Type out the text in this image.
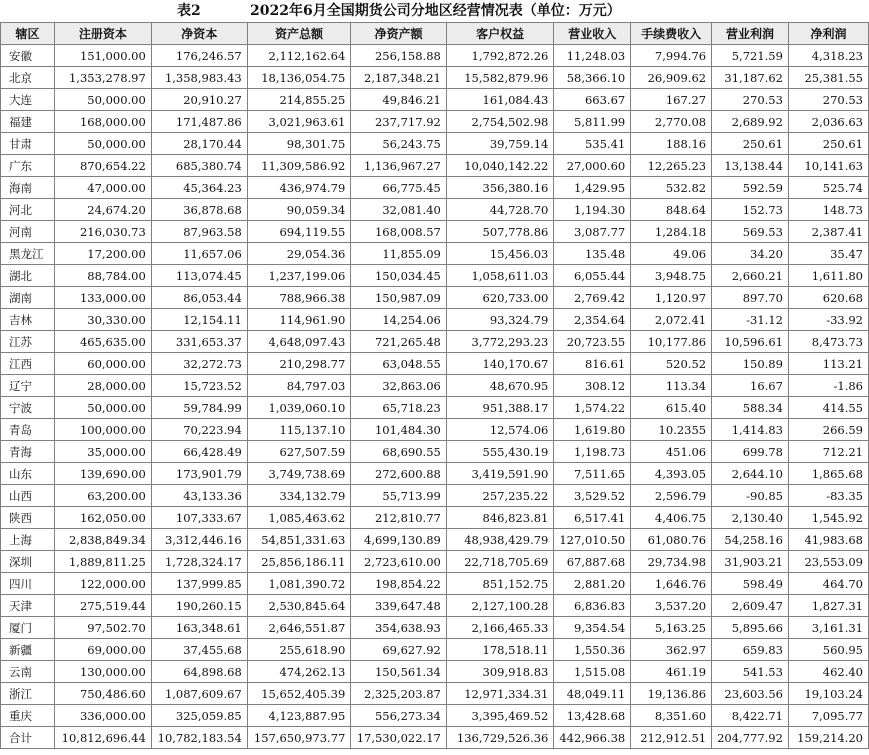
表2	2022年6月全国期货公司分地区经营情况表（单位：万元）
辖区	注册资本	净资本	资产总额	净资产额	客户权益	营业收入	手续费收入	营业利润	净利润
安徽	151,000.00	176,246.57	2,112,162.64	256,158.88	1,792,872.26	11,248.03	7,994.76	5,721.59	4,318.23
北京	1,353,278.97	1,358,983.43	18,136,054.75	2,187,348.21	15,582,879.96	58,366.10	26,909.62	31,187.62	25,381.55
大连	50,000.00	20,910.27	214,855.25	49,846.21	161,084.43	663.67	167.27	270.53	270.53
福建	168,000.00	171,487.86	3,021,963.61	237,717.92	2,754,502.98	5,811.99	2,770.08	2,689.92	2,036.63
甘肃	50,000.00	28,170.44	98,301.75	56,243.75	39,759.14	535.41	188.16	250.61	250.61
广东	870,654.22	685,380.74	11,309,586.92	1,136,967.27	10,040,142.22	27,000.60	12,265.23	13,138.44	10,141.63
海南	47,000.00	45,364.23	436,974.79	66,775.45	356,380.16	1,429.95	532.82	592.59	525.74
河北	24,674.20	36,878.68	90,059.34	32,081.40	44,728.70	1,194.30	848.64	152.73	148.73
河南	216,030.73	87,963.58	694,119.55	168,008.57	507,778.86	3,087.77	1,284.18	569.53	2,387.41
黑龙江	17,200.00	11,657.06	29,054.36	11,855.09	15,456.03	135.48	49.06	34.20	35.47
湖北	88,784.00	113,074.45	1,237,199.06	150,034.45	1,058,611.03	6,055.44	3,948.75	2,660.21	1,611.80
湖南	133,000.00	86,053.44	788,966.38	150,987.09	620,733.00	2,769.42	1,120.97	897.70	620.68
吉林	30,330.00	12,154.11	114,961.90	14,254.06	93,324.79	2,354.64	2,072.41	-31.12	-33.92
江苏	465,635.00	331,653.37	4,648,097.43	721,265.48	3,772,293.23	20,723.55	10,177.86	10,596.61	8,473.73
江西	60,000.00	32,272.73	210,298.77	63,048.55	140,170.67	816.61	520.52	150.89	113.21
辽宁	28,000.00	15,723.52	84,797.03	32,863.06	48,670.95	308.12	113.34	16.67	-1.86
宁波	50,000.00	59,784.99	1,039,060.10	65,718.23	951,388.17	1,574.22	615.40	588.34	414.55
青岛	100,000.00	70,223.94	115,137.10	101,484.30	12,574.06	1,619.80	10.2355	1,414.83	266.59
青海	35,000.00	66,428.49	627,507.59	68,690.55	555,430.19	1,198.73	451.06	699.78	712.21
山东	139,690.00	173,901.79	3,749,738.69	272,600.88	3,419,591.90	7,511.65	4,393.05	2,644.10	1,865.68
山西	63,200.00	43,133.36	334,132.79	55,713.99	257,235.22	3,529.52	2,596.79	-90.85	-83.35
陕西	162,050.00	107,333.67	1,085,463.62	212,810.77	846,823.81	6,517.41	4,406.75	2,130.40	1,545.92
上海	2,838,849.34	3,312,446.16	54,851,331.63	4,699,130.89	48,938,429.79	127,010.50	61,080.76	54,258.16	41,983.68
深圳	1,889,811.25	1,728,324.17	25,856,186.11	2,723,610.00	22,718,705.69	67,887.68	29,734.98	31,903.21	23,553.09
四川	122,000.00	137,999.85	1,081,390.72	198,854.22	851,152.75	2,881.20	1,646.76	598.49	464.70
天津	275,519.44	190,260.15	2,530,845.64	339,647.48	2,127,100.28	6,836.83	3,537.20	2,609.47	1,827.31
厦门	97,502.70	163,348.61	2,646,551.87	354,638.93	2,166,465.33	9,354.54	5,163.25	5,895.66	3,161.31
新疆	69,000.00	37,455.68	255,618.90	69,627.92	178,518.11	1,550.36	362.97	659.83	560.95
云南	130,000.00	64,898.68	474,262.13	150,561.34	309,918.83	1,515.08	461.19	541.53	462.40
浙江	750,486.60	1,087,609.67	15,652,405.39	2,325,203.87	12,971,334.31	48,049.11	19,136.86	23,603.56	19,103.24
重庆	336,000.00	325,059.85	4,123,887.95	556,273.34	3,395,469.52	13,428.68	8,351.60	8,422.71	7,095.77
合计	10,812,696.44	10,782,183.54	157,650,973.77	17,530,022.17	136,729,526.36	442,966.38	212,912.51	204,777.92	159,214.20
